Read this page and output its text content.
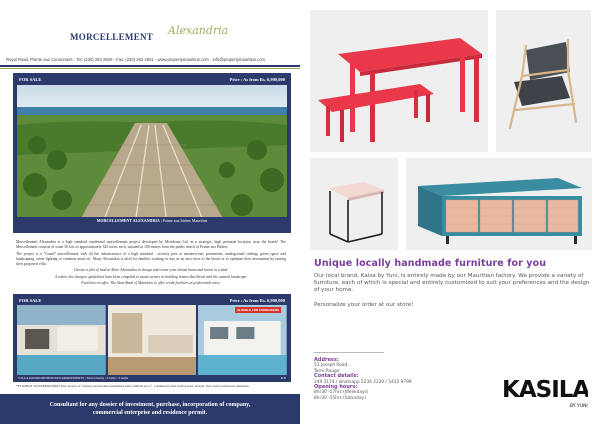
MORCELLEMENT Alexandria
Royal Road, Pointe aux Canonniers - Tel: (230) 263 2600 - Fax: (230) 263 2601 - www.propertymauritius.com - info@propertymauritius.com
FOR SALE	Price : As from Rs. 6,900,000
MORCELLEMENT ALEXANDRIA | Pointe aux biches Mauritius

Morcellement Alexandria is a high standard residential morcellement project developed by Meridiana Ltd. in a strategic, high potential location, near the beach! The Morcellement consists of some 50 lots of approximately 345 toises each, situated at 100 meters from the public beach of Pointe aux Biches.

The project is a "Gated" morcellement with all the infrastructure of a high standard : security post at entrance/exit, pavements, underground cabling, green space and landscaping, street lighting of common areas etc. Many Alexandria is ideal for families wishing to stay in an area close to the beach or to optimize their investment by renting their proposed villa.

Choose a plot of land at Morc Alexandria to design and create your dream home and invest in a land.

A cahier des charges/ guidelines have been compiled to assist owners in building homes that blend with the natural landscape.

Facilities on offer, The Slam Bank of Mauritius to offer credit facilities at preferential rates.

FOR SALE	Price : As from Rs. 6,900,000
ELIGIBLE FOR FOREIGNERS
VILLA PASSPORT/HOUSES/APARTMENTS | Mon Choisy | 3 beds | 3 baths	R.E
*ELIGIBLE TO FOREIGNERS! New project of 5 luxury and modern apartments with common pool + 1 penthouse with rooftop pool, jacuzzi. Very well located near amenities.
Consultant for any dossier of investment, purchase, incorporation of company,
commercial enterprise and residence permit.
Unique locally handmade furniture for you

Our local brand, Kaisa by Yuni, is entirely made by our Mauritian factory. We provide a variety of furniture, each of which is special and entirely customized to suit your preferences and the design of your home.

Personalize your order at our store!

Address:
51 Joseph Road,
Terre Rouge
Contact details:
249 3174 / whatsapp 5234 2220 / 5422 9799
Opening hours:
8hr30 -17hrs (Weekdays)
8hr30 -15hrs (Saturday)	KASILA
BY YUNI
